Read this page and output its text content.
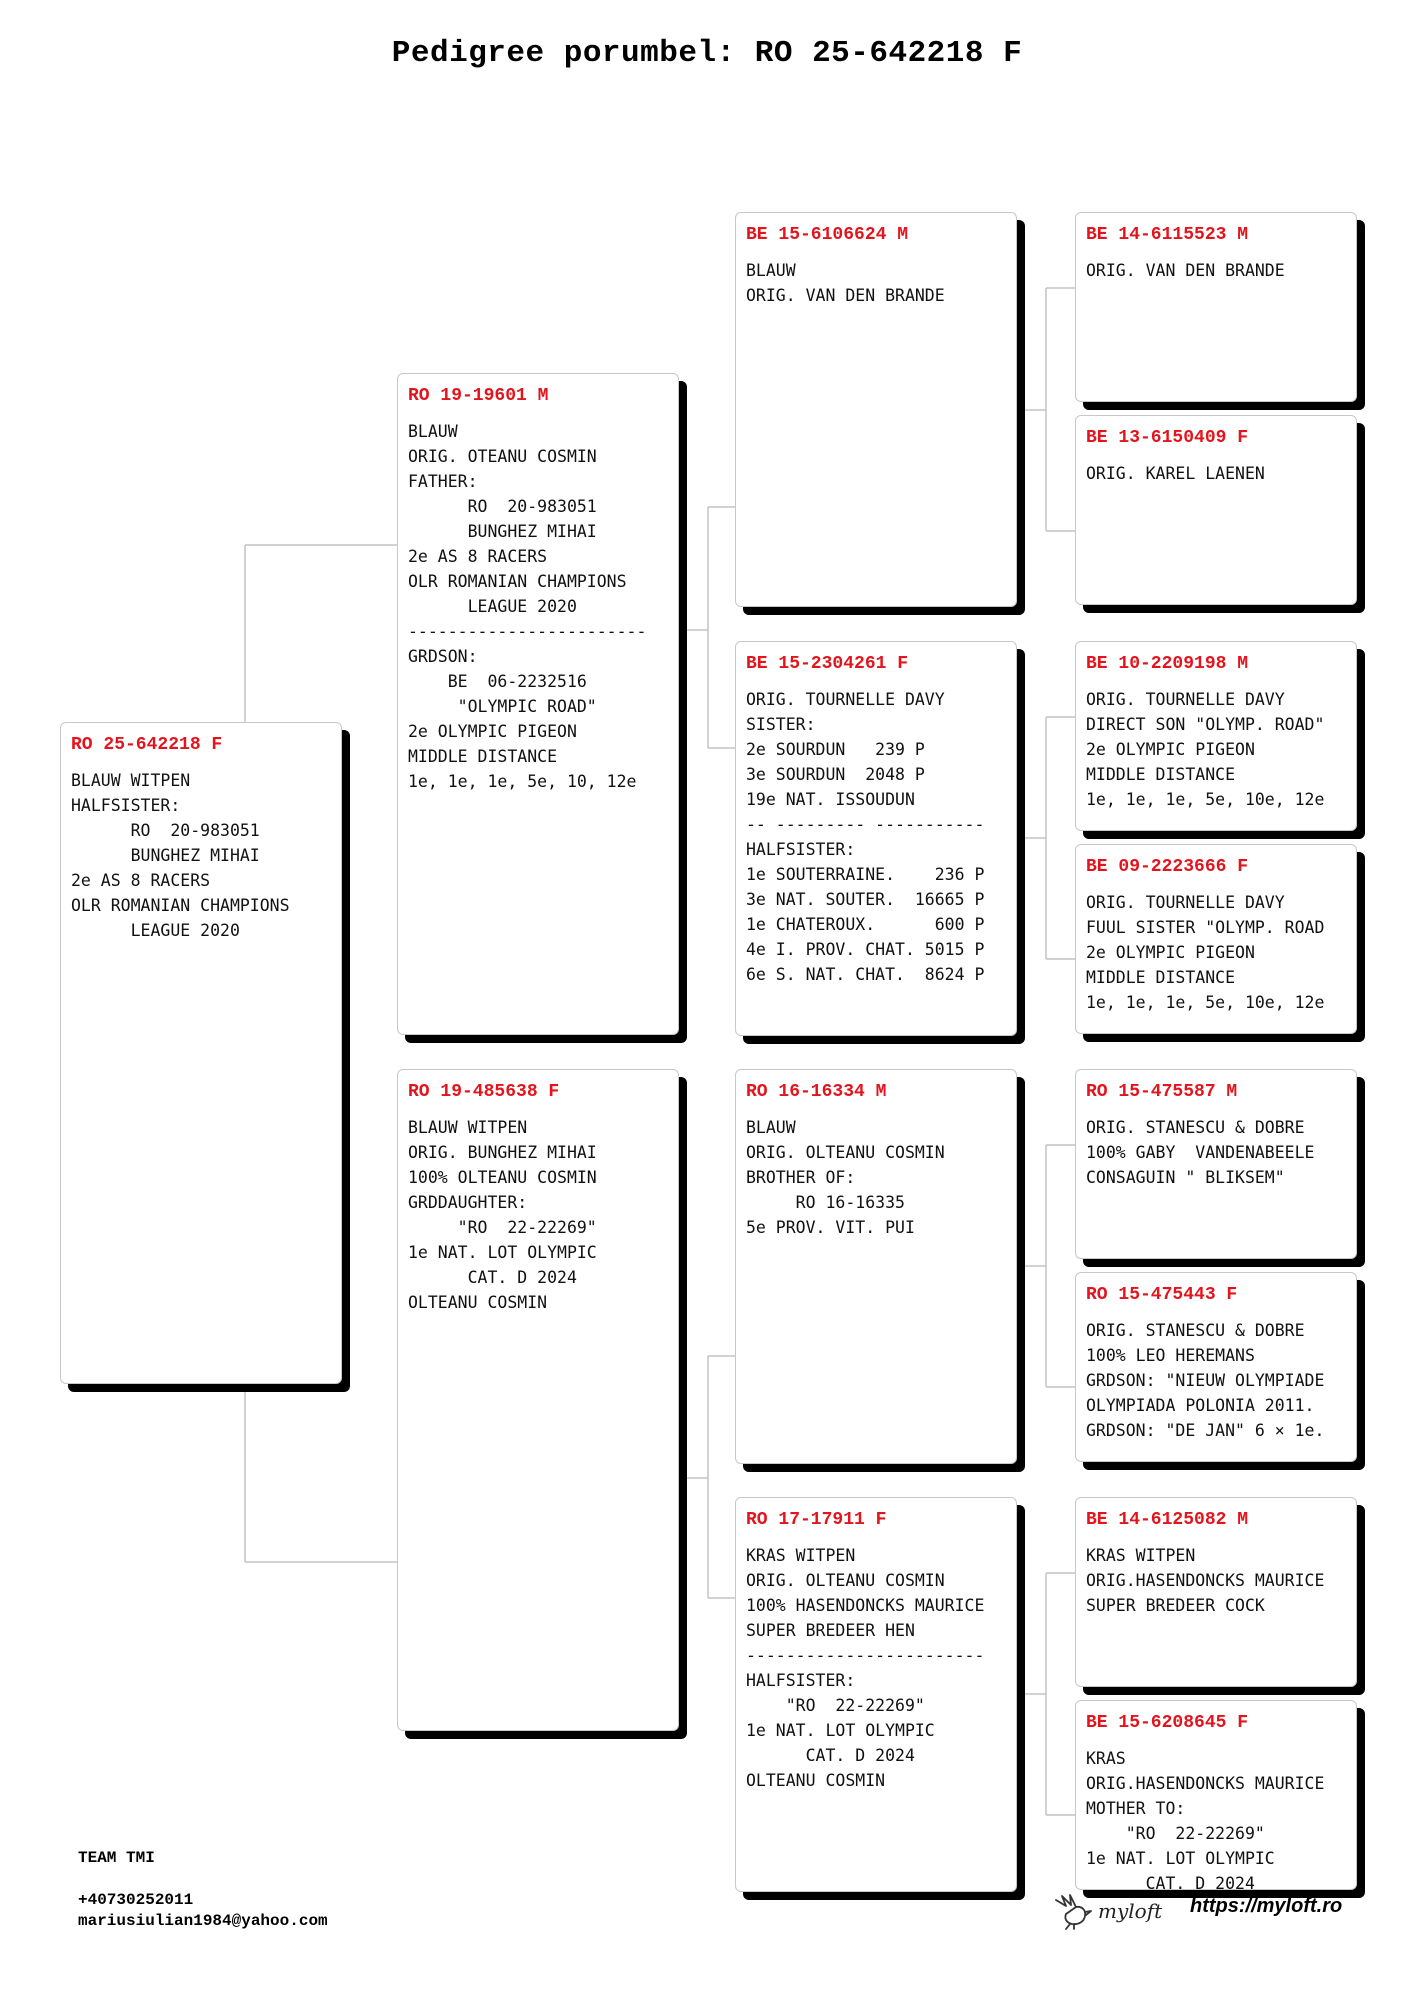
Pedigree porumbel: RO 25-642218 F
RO 25-642218 F
BLAUW WITPEN
HALFSISTER:
RO  20-983051
BUNGHEZ MIHAI
2e AS 8 RACERS
OLR ROMANIAN CHAMPIONS
LEAGUE 2020
RO 19-19601 M
BLAUW
ORIG. OTEANU COSMIN
FATHER:
RO  20-983051
BUNGHEZ MIHAI
2e AS 8 RACERS
OLR ROMANIAN CHAMPIONS
LEAGUE 2020
------------------------
GRDSON:
BE  06-2232516
"OLYMPIC ROAD"
2e OLYMPIC PIGEON
MIDDLE DISTANCE
1e, 1e, 1e, 5e, 10, 12e
RO 19-485638 F
BLAUW WITPEN
ORIG. BUNGHEZ MIHAI
100% OLTEANU COSMIN
GRDDAUGHTER:
"RO  22-22269"
1e NAT. LOT OLYMPIC
CAT. D 2024
OLTEANU COSMIN
BE 15-6106624 M
BLAUW
ORIG. VAN DEN BRANDE
BE 15-2304261 F
ORIG. TOURNELLE DAVY
SISTER:
2e SOURDUN   239 P
3e SOURDUN  2048 P
19e NAT. ISSOUDUN
-- --------- -----------
HALFSISTER:
1e SOUTERRAINE.    236 P
3e NAT. SOUTER.  16665 P
1e CHATEROUX.      600 P
4e I. PROV. CHAT. 5015 P
6e S. NAT. CHAT.  8624 P
RO 16-16334 M
BLAUW
ORIG. OLTEANU COSMIN
BROTHER OF:
RO 16-16335
5e PROV. VIT. PUI
RO 17-17911 F
KRAS WITPEN
ORIG. OLTEANU COSMIN
100% HASENDONCKS MAURICE
SUPER BREDEER HEN
------------------------
HALFSISTER:
"RO  22-22269"
1e NAT. LOT OLYMPIC
CAT. D 2024
OLTEANU COSMIN
BE 14-6115523 M
ORIG. VAN DEN BRANDE
BE 13-6150409 F
ORIG. KAREL LAENEN
BE 10-2209198 M
ORIG. TOURNELLE DAVY
DIRECT SON "OLYMP. ROAD"
2e OLYMPIC PIGEON
MIDDLE DISTANCE
1e, 1e, 1e, 5e, 10e, 12e
BE 09-2223666 F
ORIG. TOURNELLE DAVY
FUUL SISTER "OLYMP. ROAD
2e OLYMPIC PIGEON
MIDDLE DISTANCE
1e, 1e, 1e, 5e, 10e, 12e
RO 15-475587 M
ORIG. STANESCU & DOBRE
100% GABY  VANDENABEELE
CONSAGUIN " BLIKSEM"
RO 15-475443 F
ORIG. STANESCU & DOBRE
100% LEO HEREMANS
GRDSON: "NIEUW OLYMPIADE
OLYMPIADA POLONIA 2011.
GRDSON: "DE JAN" 6 × 1e.
BE 14-6125082 M
KRAS WITPEN
ORIG.HASENDONCKS MAURICE
SUPER BREDEER COCK
BE 15-6208645 F
KRAS
ORIG.HASENDONCKS MAURICE
MOTHER TO:
"RO  22-22269"
1e NAT. LOT OLYMPIC
CAT. D 2024
TEAM TMI
+40730252011
mariusiulian1984@yahoo.com	myloft https://myloft.ro
